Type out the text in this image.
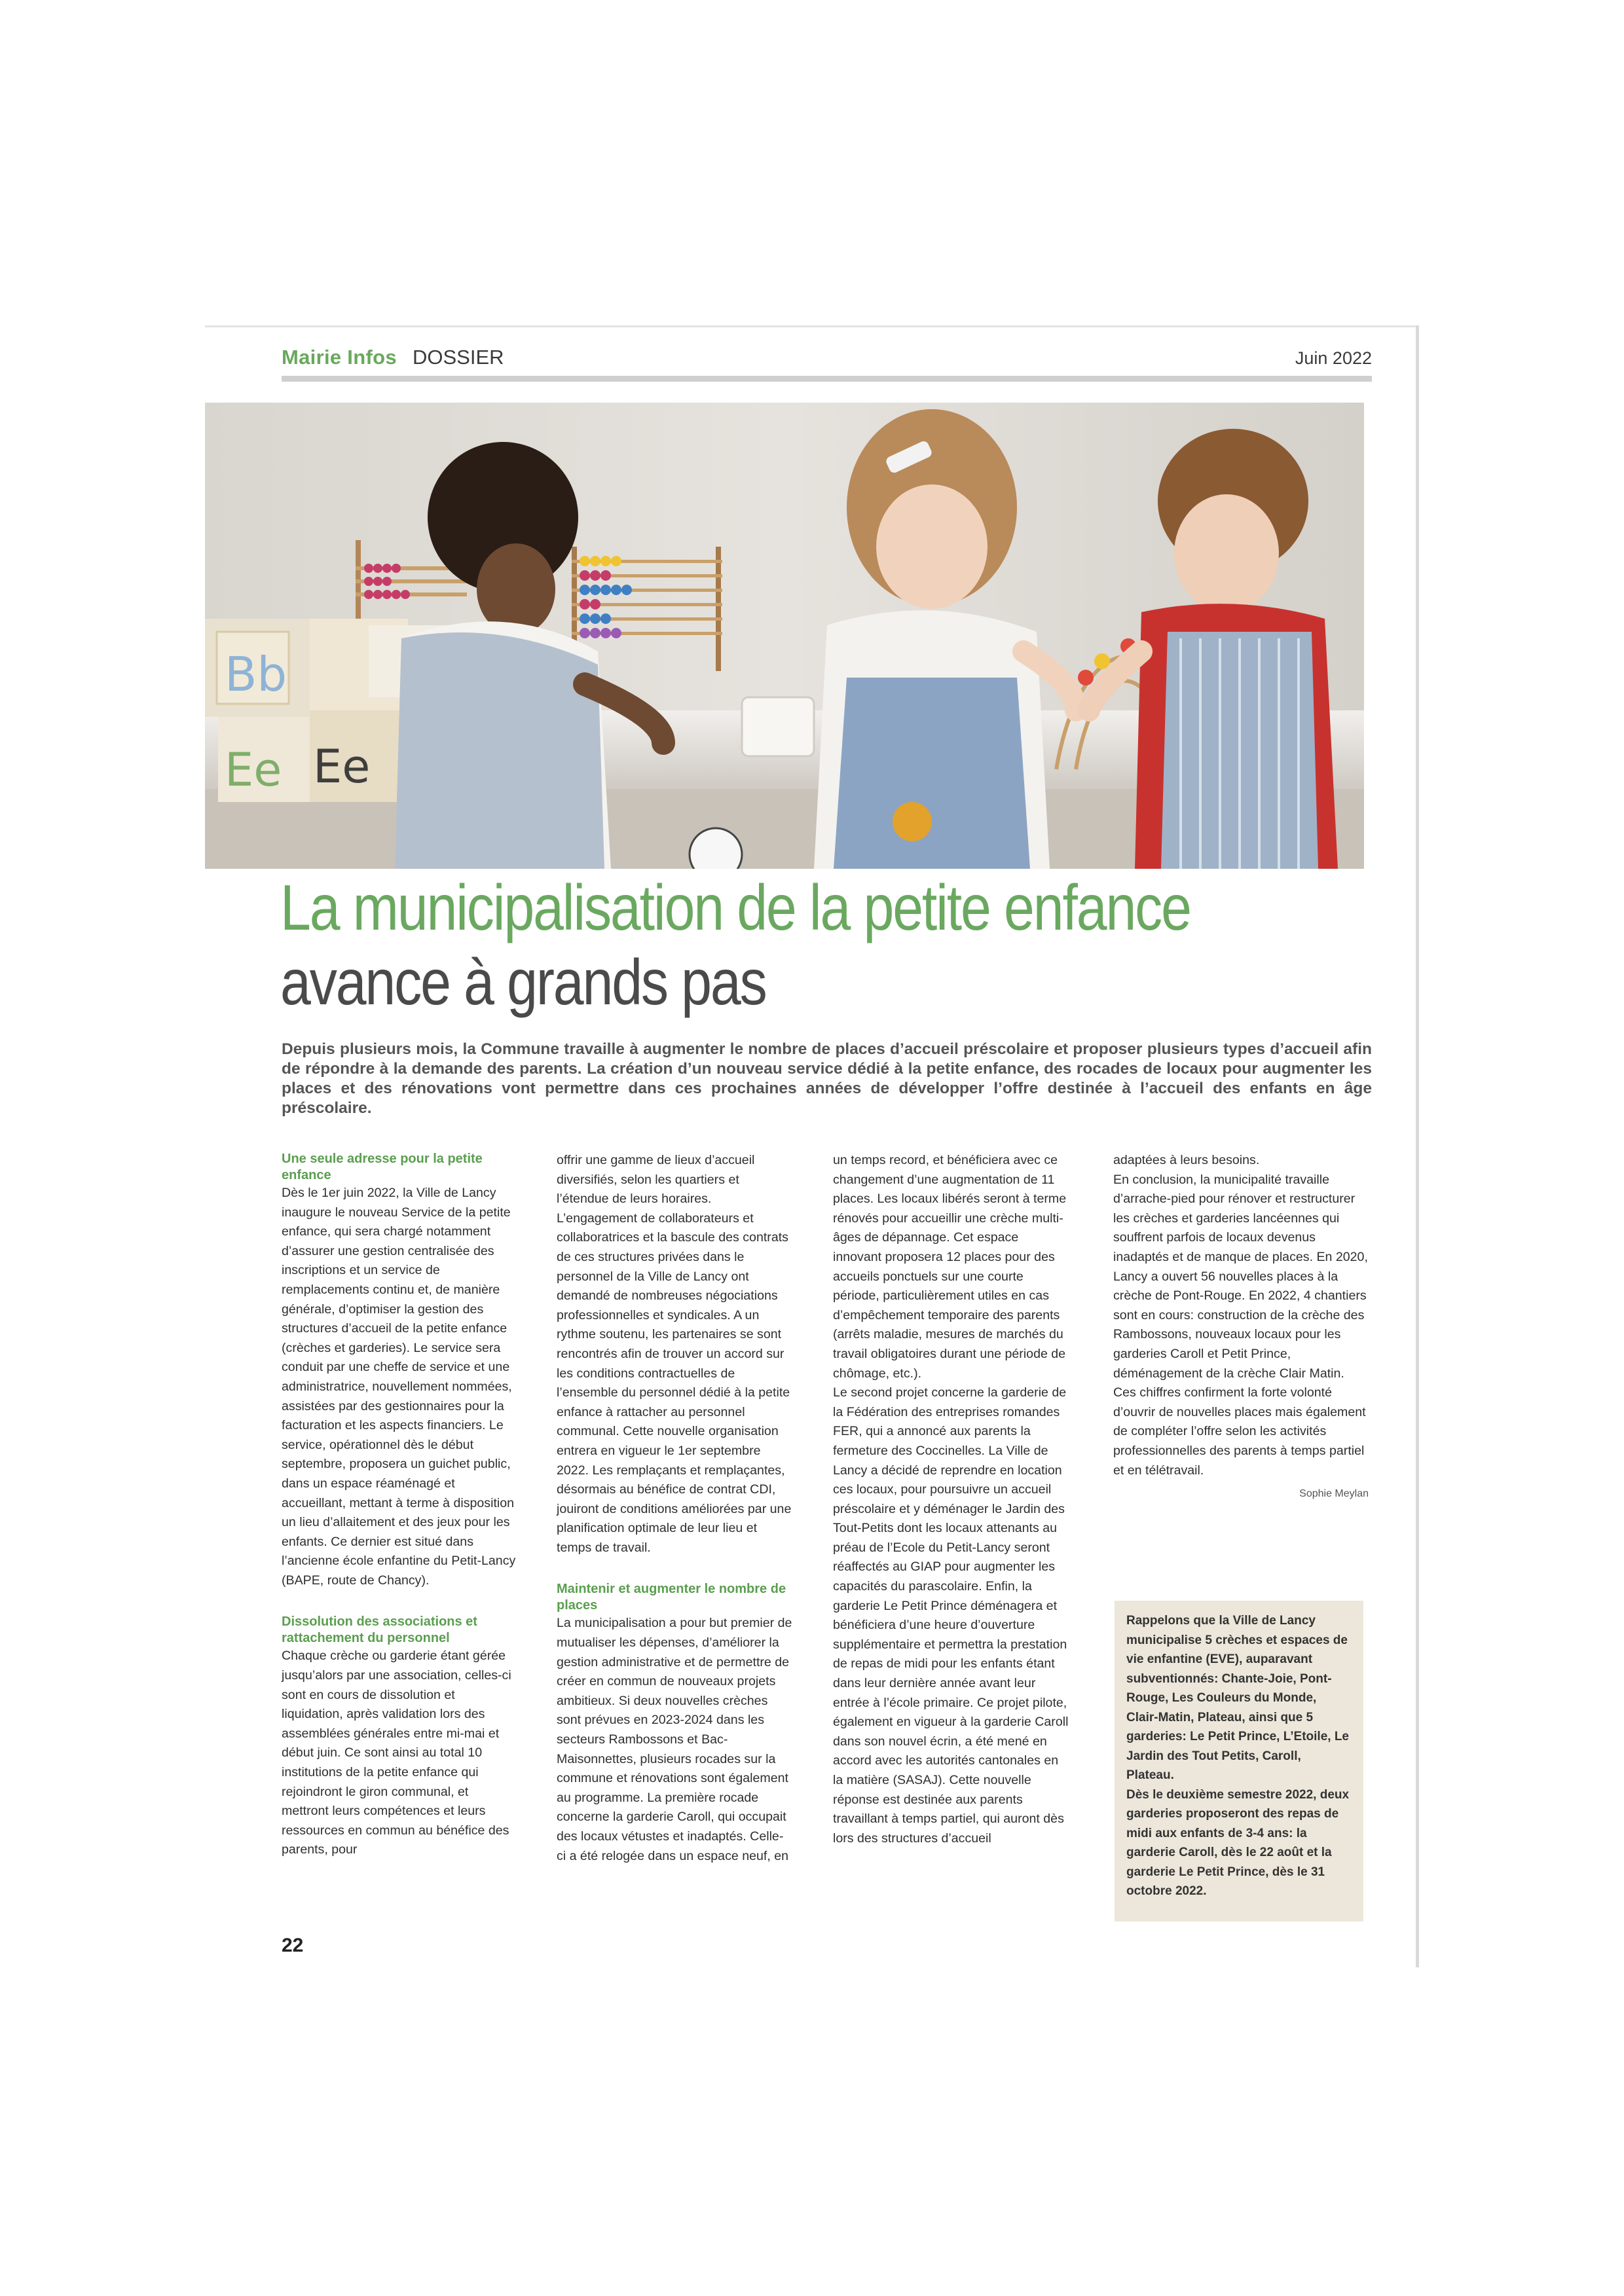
Mairie Infos DOSSIER	Juin 2022
Bb
Ee Ee
La municipalisation de la petite enfance
avance à grands pas
Depuis plusieurs mois, la Commune travaille à augmenter le nombre de places d’accueil préscolaire et proposer plusieurs types d’accueil afin de répondre à la demande des parents. La création d’un nouveau service dédié à la petite enfance, des rocades de locaux pour augmenter les places et des rénovations vont permettre dans ces prochaines années de développer l’offre destinée à l’accueil des enfants en âge préscolaire.
Une seule adresse pour la petite enfance

Dès le 1er juin 2022, la Ville de Lancy inaugure le nouveau Service de la petite enfance, qui sera chargé notamment d’assurer une gestion centralisée des inscriptions et un service de remplacements continu et, de manière générale, d’optimiser la gestion des structures d’accueil de la petite enfance (crèches et garderies). Le service sera conduit par une cheffe de service et une administratrice, nouvellement nommées, assistées par des gestionnaires pour la facturation et les aspects financiers. Le service, opérationnel dès le début septembre, proposera un guichet public, dans un espace réaménagé et accueillant, mettant à terme à disposition un lieu d’allaitement et des jeux pour les enfants. Ce dernier est situé dans l’ancienne école enfantine du Petit-Lancy (BAPE, route de Chancy).

Dissolution des associations et rattachement du personnel

Chaque crèche ou garderie étant gérée jusqu’alors par une association, celles-ci sont en cours de dissolution et liquidation, après validation lors des assemblées générales entre mi-mai et début juin. Ce sont ainsi au total 10 institutions de la petite enfance qui rejoindront le giron communal, et mettront leurs compétences et leurs ressources en commun au bénéfice des parents, pour

offrir une gamme de lieux d’accueil diversifiés, selon les quartiers et l’étendue de leurs horaires.

L’engagement de collaborateurs et collaboratrices et la bascule des contrats de ces structures privées dans le personnel de la Ville de Lancy ont demandé de nombreuses négociations professionnelles et syndicales. A un rythme soutenu, les partenaires se sont rencontrés afin de trouver un accord sur les conditions contractuelles de l’ensemble du personnel dédié à la petite enfance à rattacher au personnel communal. Cette nouvelle organisation entrera en vigueur le 1er septembre 2022. Les remplaçants et remplaçantes, désormais au bénéfice de contrat CDI, jouiront de conditions améliorées par une planification optimale de leur lieu et temps de travail.

Maintenir et augmenter le nombre de places

La municipalisation a pour but premier de mutualiser les dépenses, d’améliorer la gestion administrative et de permettre de créer en commun de nouveaux projets ambitieux. Si deux nouvelles crèches sont prévues en 2023-2024 dans les secteurs Rambossons et Bac-Maisonnettes, plusieurs rocades sur la commune et rénovations sont également au programme. La première rocade concerne la garderie Caroll, qui occupait des locaux vétustes et inadaptés. Celle-ci a été relogée dans un espace neuf, en

un temps record, et bénéficiera avec ce changement d’une augmentation de 11 places. Les locaux libérés seront à terme rénovés pour accueillir une crèche multi-âges de dépannage. Cet espace innovant proposera 12 places pour des accueils ponctuels sur une courte période, particulièrement utiles en cas d’empêchement temporaire des parents (arrêts maladie, mesures de marchés du travail obligatoires durant une période de chômage, etc.).

Le second projet concerne la garderie de la Fédération des entreprises romandes FER, qui a annoncé aux parents la fermeture des Coccinelles. La Ville de Lancy a décidé de reprendre en location ces locaux, pour poursuivre un accueil préscolaire et y déménager le Jardin des Tout-Petits dont les locaux attenants au préau de l’Ecole du Petit-Lancy seront réaffectés au GIAP pour augmenter les capacités du parascolaire. Enfin, la garderie Le Petit Prince déménagera et bénéficiera d’une heure d’ouverture supplémentaire et permettra la prestation de repas de midi pour les enfants étant dans leur dernière année avant leur entrée à l’école primaire. Ce projet pilote, également en vigueur à la garderie Caroll dans son nouvel écrin, a été mené en accord avec les autorités cantonales en la matière (SASAJ). Cette nouvelle réponse est destinée aux parents travaillant à temps partiel, qui auront dès lors des structures d’accueil

adaptées à leurs besoins.

En conclusion, la municipalité travaille d’arrache-pied pour rénover et restructurer les crèches et garderies lancéennes qui souffrent parfois de locaux devenus inadaptés et de manque de places. En 2020, Lancy a ouvert 56 nouvelles places à la crèche de Pont-Rouge. En 2022, 4 chantiers sont en cours: construction de la crèche des Rambossons, nouveaux locaux pour les garderies Caroll et Petit Prince, déménagement de la crèche Clair Matin. Ces chiffres confirment la forte volonté d’ouvrir de nouvelles places mais également de compléter l’offre selon les activités professionnelles des parents à temps partiel et en télétravail.

Sophie Meylan

Rappelons que la Ville de Lancy municipalise 5 crèches et espaces de vie enfantine (EVE), auparavant subventionnés: Chante-Joie, Pont-Rouge, Les Couleurs du Monde, Clair-Matin, Plateau, ainsi que 5 garderies: Le Petit Prince, L’Etoile, Le Jardin des Tout Petits, Caroll, Plateau.

Dès le deuxième semestre 2022, deux garderies proposeront des repas de midi aux enfants de 3-4 ans: la garderie Caroll, dès le 22 août et la garderie Le Petit Prince, dès le 31 octobre 2022.

22
